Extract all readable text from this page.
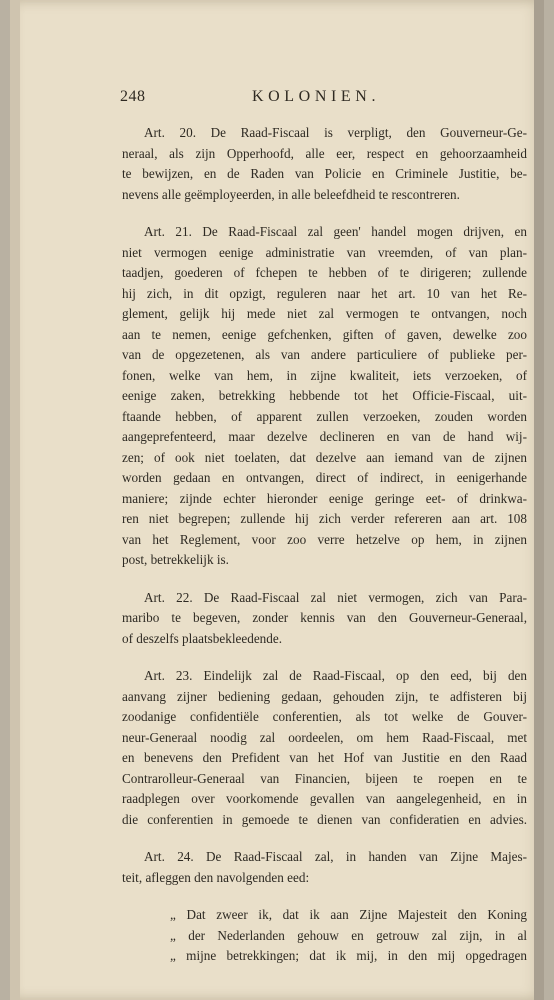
248	KOLONIEN.
Art. 20. De Raad-Fiscaal is verpligt, den Gouverneur-Ge-
neraal, als zijn Opperhoofd, alle eer, respect en gehoorzaamheid
te bewijzen, en de Raden van Policie en Criminele Justitie, be-
nevens alle geëmployeerden, in alle beleefdheid te rescontreren.
Art. 21. De Raad-Fiscaal zal geen' handel mogen drijven, en
niet vermogen eenige administratie van vreemden, of van plan-
taadjen, goederen of fchepen te hebben of te dirigeren; zullende
hij zich, in dit opzigt, reguleren naar het art. 10 van het Re-
glement, gelijk hij mede niet zal vermogen te ontvangen, noch
aan te nemen, eenige gefchenken, giften of gaven, dewelke zoo
van de opgezetenen, als van andere particuliere of publieke per-
fonen, welke van hem, in zijne kwaliteit, iets verzoeken, of
eenige zaken, betrekking hebbende tot het Officie-Fiscaal, uit-
ftaande hebben, of apparent zullen verzoeken, zouden worden
aangeprefenteerd, maar dezelve declineren en van de hand wij-
zen; of ook niet toelaten, dat dezelve aan iemand van de zijnen
worden gedaan en ontvangen, direct of indirect, in eenigerhande
maniere; zijnde echter hieronder eenige geringe eet- of drinkwa-
ren niet begrepen; zullende hij zich verder refereren aan art. 108
van het Reglement, voor zoo verre hetzelve op hem, in zijnen
post, betrekkelijk is.
Art. 22. De Raad-Fiscaal zal niet vermogen, zich van Para-
maribo te begeven, zonder kennis van den Gouverneur-Generaal,
of deszelfs plaatsbekleedende.
Art. 23. Eindelijk zal de Raad-Fiscaal, op den eed, bij den
aanvang zijner bediening gedaan, gehouden zijn, te adfisteren bij
zoodanige confidentiële conferentien, als tot welke de Gouver-
neur-Generaal noodig zal oordeelen, om hem Raad-Fiscaal, met
en benevens den Prefident van het Hof van Justitie en den Raad
Contrarolleur-Generaal van Financien, bijeen te roepen en te
raadplegen over voorkomende gevallen van aangelegenheid, en in
die conferentien in gemoede te dienen van confideratien en advies.
Art. 24. De Raad-Fiscaal zal, in handen van Zijne Majes-
teit, afleggen den navolgenden eed:
„ Dat zweer ik, dat ik aan Zijne Majesteit den Koning
„ der Nederlanden gehouw en getrouw zal zijn, in al
„ mijne betrekkingen; dat ik mij, in den mij opgedragen
